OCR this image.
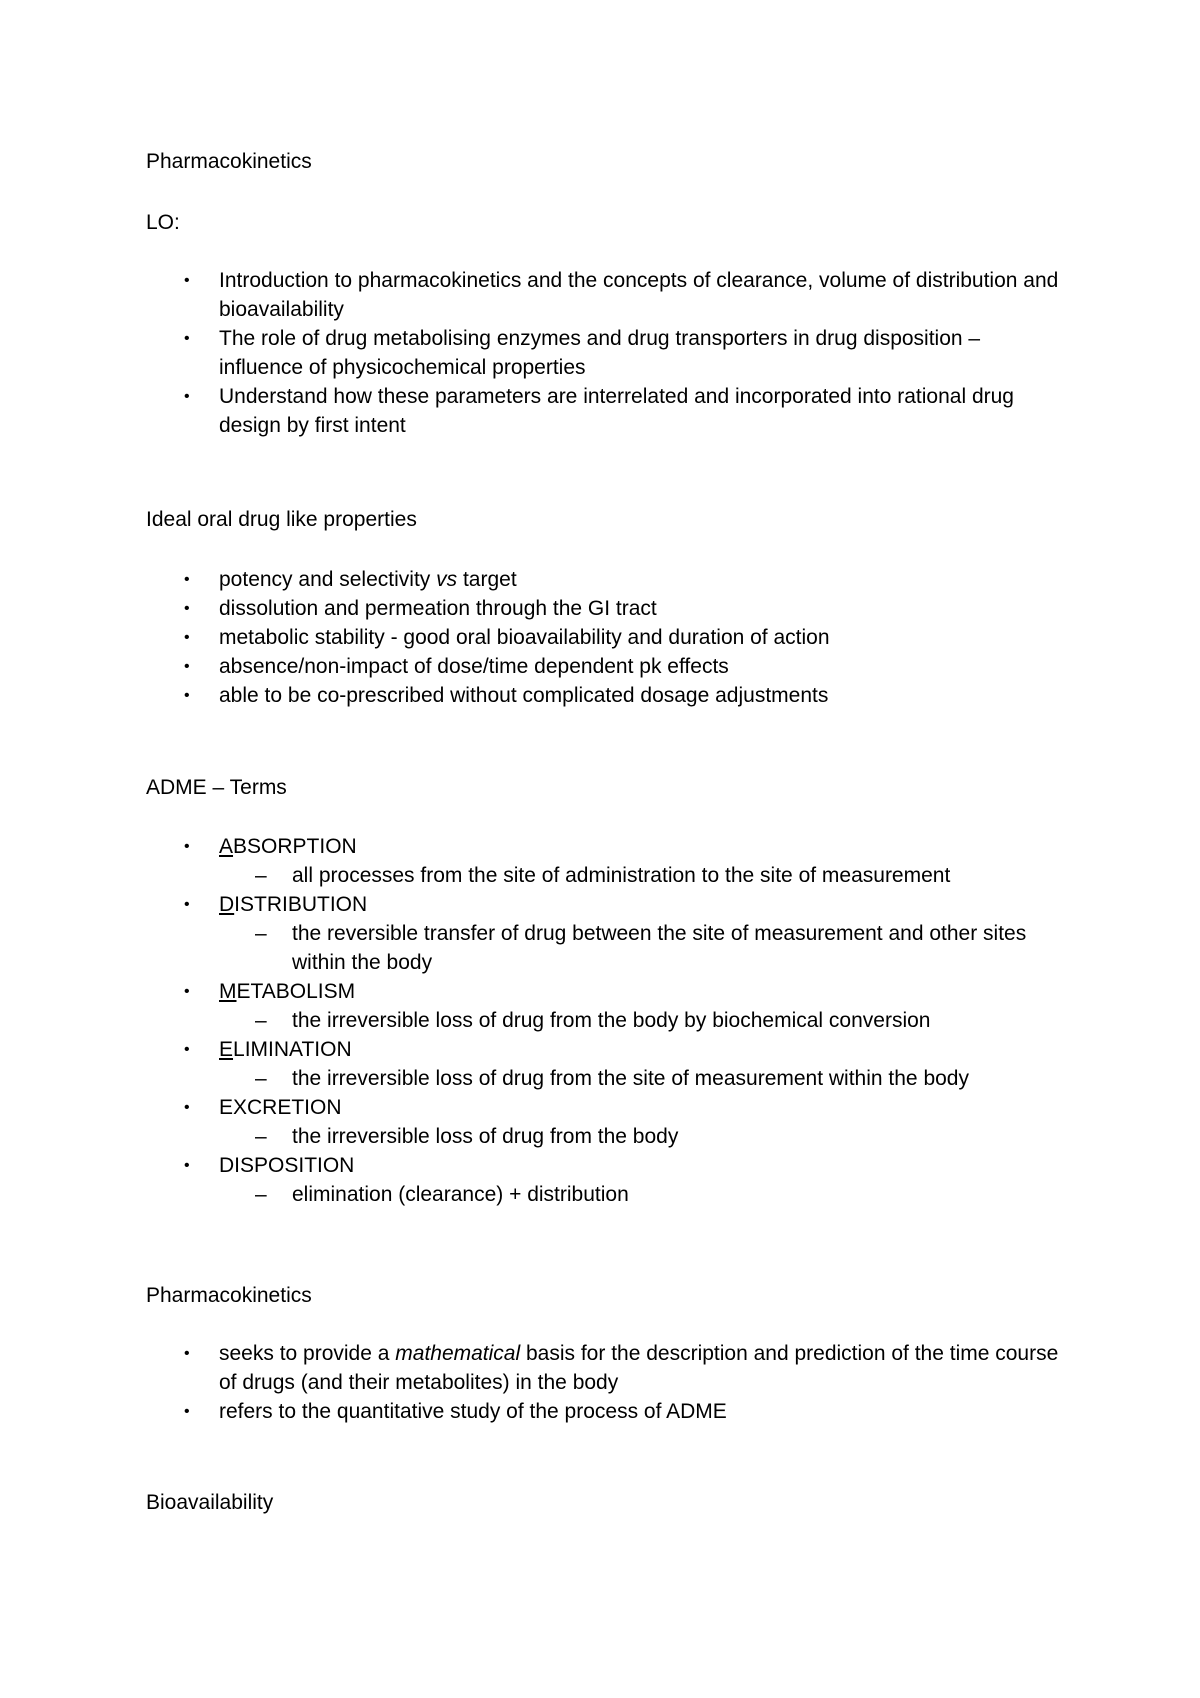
Pharmacokinetics
LO:
• Introduction to pharmacokinetics and the concepts of clearance, volume of distribution and bioavailability
• The role of drug metabolising enzymes and drug transporters in drug disposition – influence of physicochemical properties
• Understand how these parameters are interrelated and incorporated into rational drug design by first intent
Ideal oral drug like properties
• potency and selectivity vs target
• dissolution and permeation through the GI tract
• metabolic stability - good oral bioavailability and duration of action
• absence/non-impact of dose/time dependent pk effects
• able to be co-prescribed without complicated dosage adjustments
ADME – Terms
• ABSORPTION
– all processes from the site of administration to the site of measurement
• DISTRIBUTION
– the reversible transfer of drug between the site of measurement and other sites within the body
• METABOLISM
– the irreversible loss of drug from the body by biochemical conversion
• ELIMINATION
– the irreversible loss of drug from the site of measurement within the body
• EXCRETION
– the irreversible loss of drug from the body
• DISPOSITION
– elimination (clearance) + distribution
Pharmacokinetics
• seeks to provide a mathematical basis for the description and prediction of the time course of drugs (and their metabolites) in the body
• refers to the quantitative study of the process of ADME
Bioavailability
